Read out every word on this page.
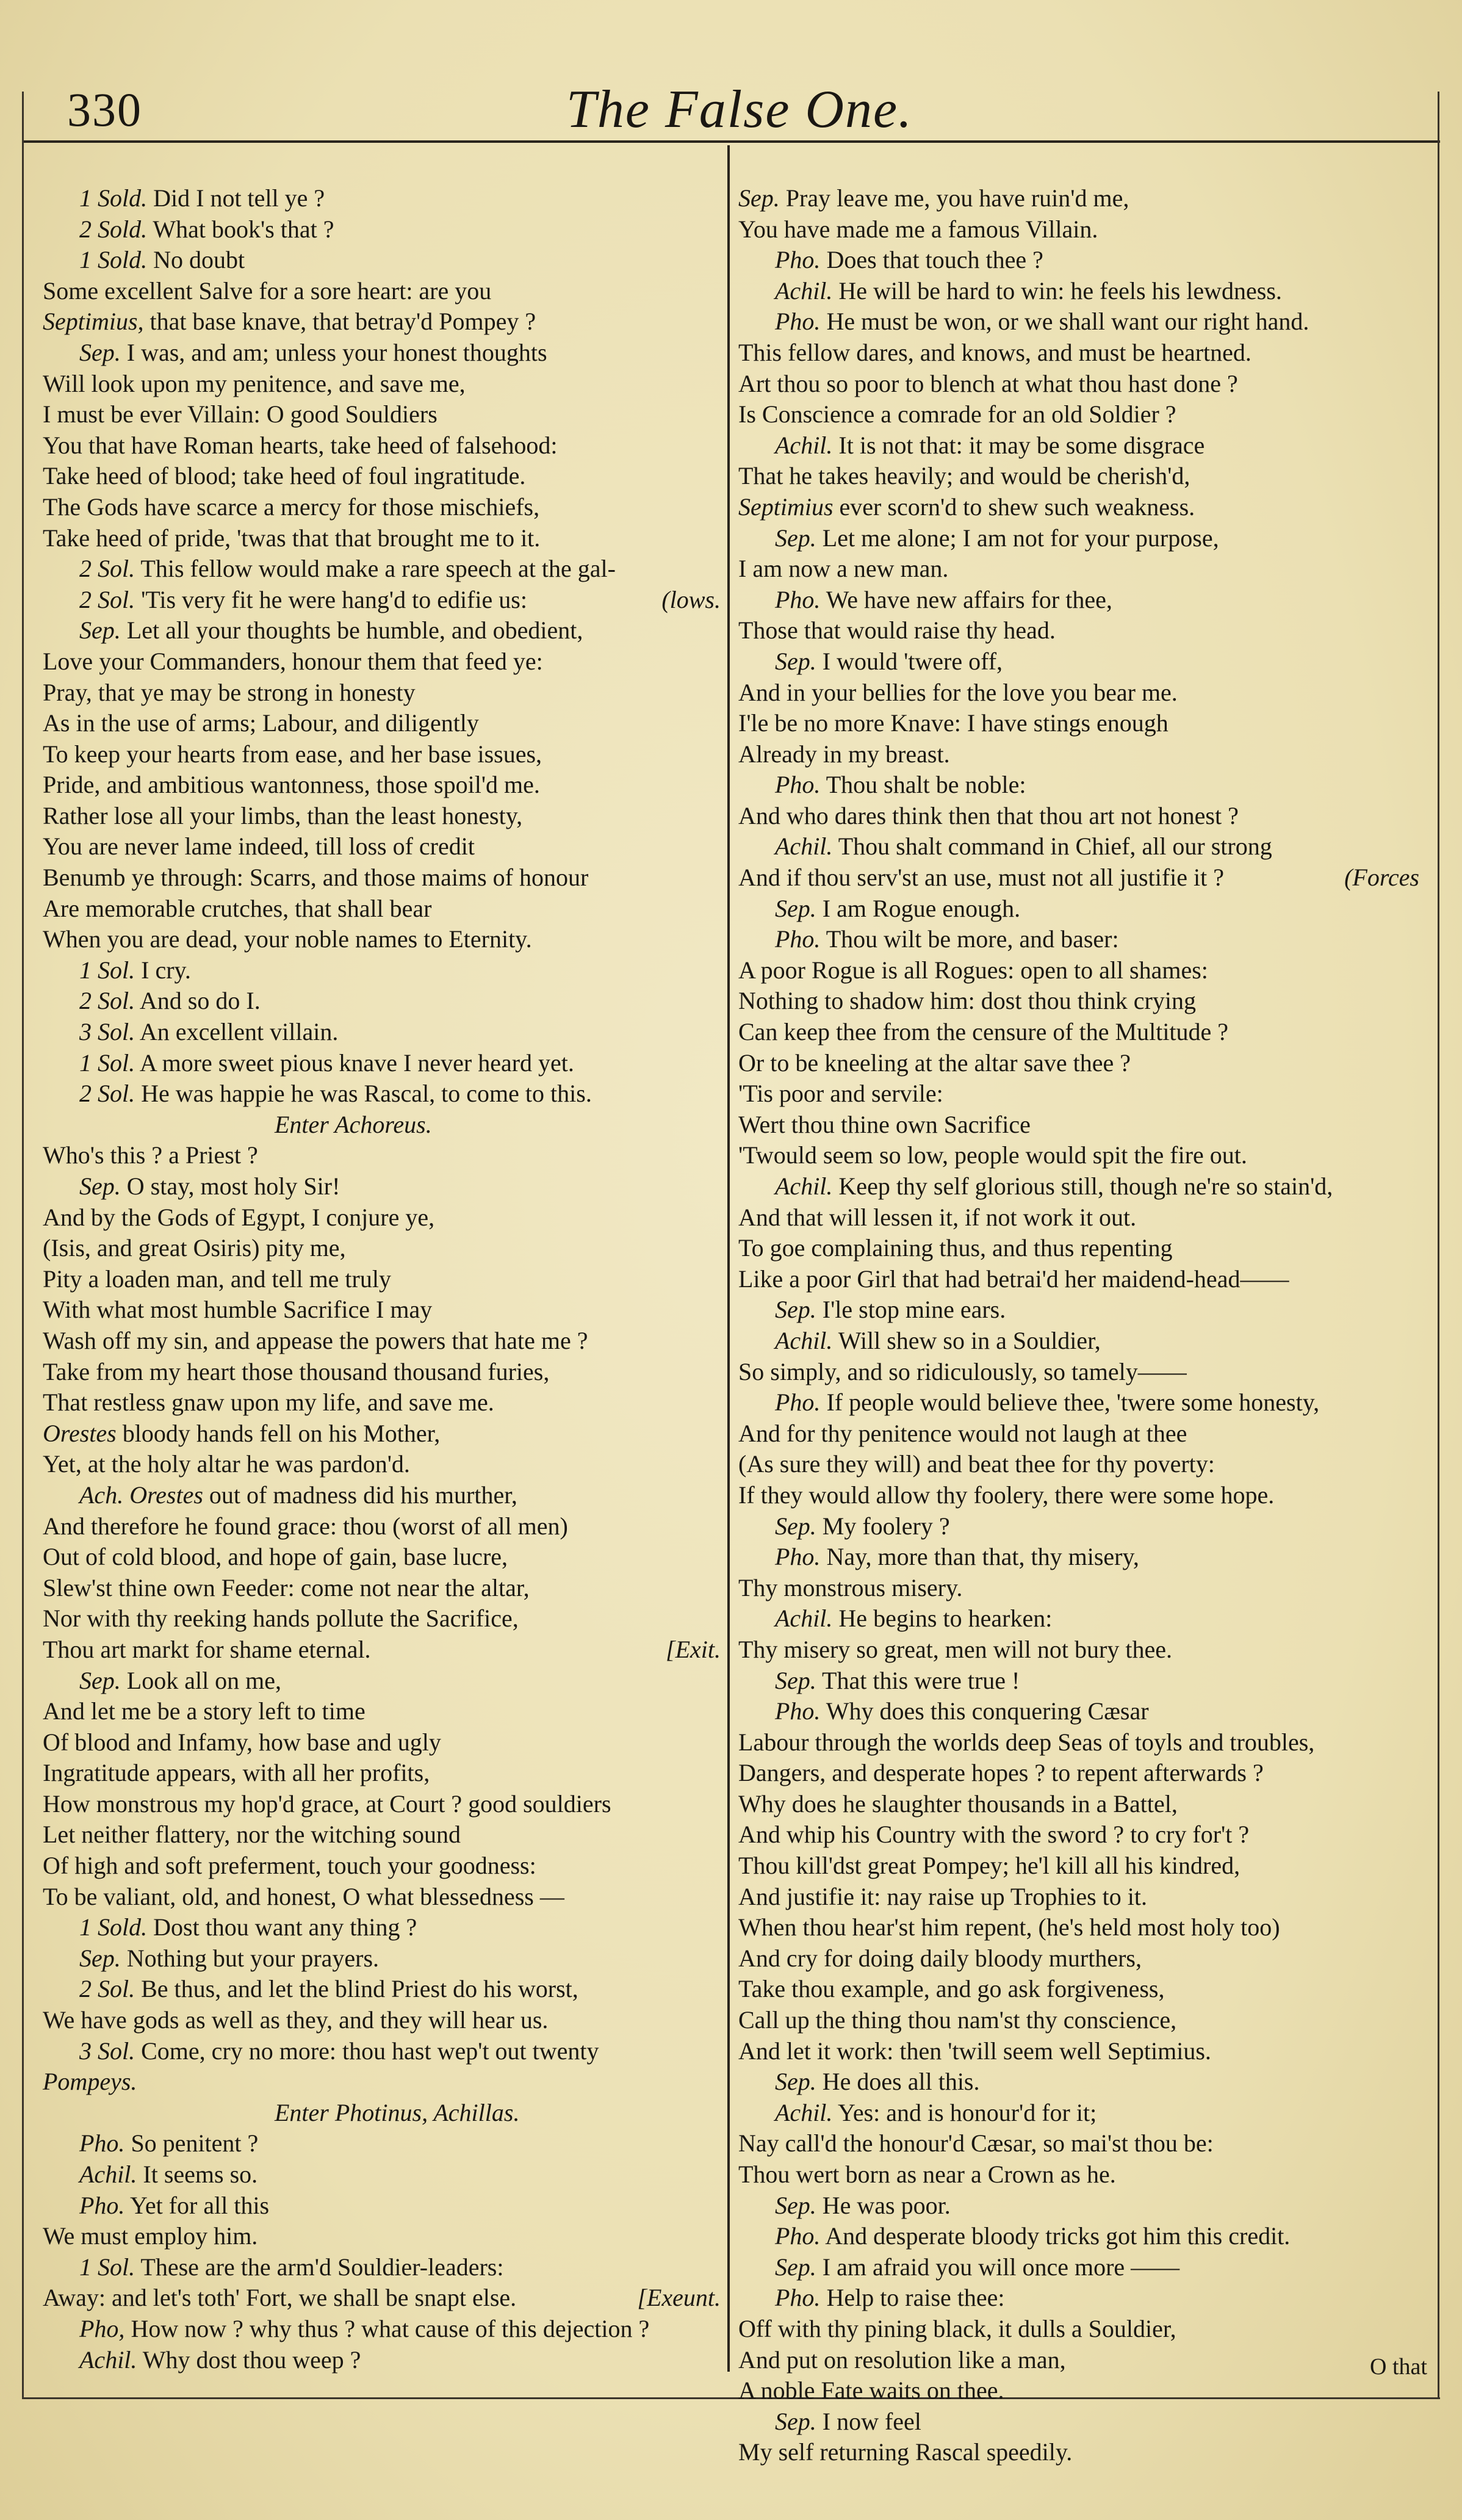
330	The False One.
1 Sold. Did I not tell ye ?
2 Sold. What book's that ?
1 Sold. No doubt
Some excellent Salve for a sore heart: are you
Septimius, that base knave, that betray'd Pompey ?
Sep. I was, and am; unless your honest thoughts
Will look upon my penitence, and save me,
I must be ever Villain: O good Souldiers
You that have Roman hearts, take heed of falsehood:
Take heed of blood; take heed of foul ingratitude.
The Gods have scarce a mercy for those mischiefs,
Take heed of pride, 'twas that that brought me to it.
2 Sol. This fellow would make a rare speech at the gal-
2 Sol. 'Tis very fit he were hang'd to edifie us:	(lows.
Sep. Let all your thoughts be humble, and obedient,
Love your Commanders, honour them that feed ye:
Pray, that ye may be strong in honesty
As in the use of arms; Labour, and diligently
To keep your hearts from ease, and her base issues,
Pride, and ambitious wantonness, those spoil'd me.
Rather lose all your limbs, than the least honesty,
You are never lame indeed, till loss of credit
Benumb ye through: Scarrs, and those maims of honour
Are memorable crutches, that shall bear
When you are dead, your noble names to Eternity.
1 Sol. I cry.
2 Sol. And so do I.
3 Sol. An excellent villain.
1 Sol. A more sweet pious knave I never heard yet.
2 Sol. He was happie he was Rascal, to come to this.
Enter Achoreus.
Who's this ? a Priest ?
Sep. O stay, most holy Sir!
And by the Gods of Egypt, I conjure ye,
(Isis, and great Osiris) pity me,
Pity a loaden man, and tell me truly
With what most humble Sacrifice I may
Wash off my sin, and appease the powers that hate me ?
Take from my heart those thousand thousand furies,
That restless gnaw upon my life, and save me.
Orestes bloody hands fell on his Mother,
Yet, at the holy altar he was pardon'd.
Ach. Orestes out of madness did his murther,
And therefore he found grace: thou (worst of all men)
Out of cold blood, and hope of gain, base lucre,
Slew'st thine own Feeder: come not near the altar,
Nor with thy reeking hands pollute the Sacrifice,
Thou art markt for shame eternal.	[Exit.
Sep. Look all on me,
And let me be a story left to time
Of blood and Infamy, how base and ugly
Ingratitude appears, with all her profits,
How monstrous my hop'd grace, at Court ? good souldiers
Let neither flattery, nor the witching sound
Of high and soft preferment, touch your goodness:
To be valiant, old, and honest, O what blessedness —
1 Sold. Dost thou want any thing ?
Sep. Nothing but your prayers.
2 Sol. Be thus, and let the blind Priest do his worst,
We have gods as well as they, and they will hear us.
3 Sol. Come, cry no more: thou hast wep't out twenty
Pompeys.
Enter Photinus, Achillas.
Pho. So penitent ?
Achil. It seems so.
Pho. Yet for all this
We must employ him.
1 Sol. These are the arm'd Souldier-leaders:
Away: and let's toth' Fort, we shall be snapt else.	[Exeunt.
Pho, How now ? why thus ? what cause of this dejection ?
Achil. Why dost thou weep ?
Sep. Pray leave me, you have ruin'd me,
You have made me a famous Villain.
Pho. Does that touch thee ?
Achil. He will be hard to win: he feels his lewdness.
Pho. He must be won, or we shall want our right hand.
This fellow dares, and knows, and must be heartned.
Art thou so poor to blench at what thou hast done ?
Is Conscience a comrade for an old Soldier ?
Achil. It is not that: it may be some disgrace
That he takes heavily; and would be cherish'd,
Septimius ever scorn'd to shew such weakness.
Sep. Let me alone; I am not for your purpose,
I am now a new man.
Pho. We have new affairs for thee,
Those that would raise thy head.
Sep. I would 'twere off,
And in your bellies for the love you bear me.
I'le be no more Knave: I have stings enough
Already in my breast.
Pho. Thou shalt be noble:
And who dares think then that thou art not honest ?
Achil. Thou shalt command in Chief, all our strong
And if thou serv'st an use, must not all justifie it ?	(Forces
Sep. I am Rogue enough.
Pho. Thou wilt be more, and baser:
A poor Rogue is all Rogues: open to all shames:
Nothing to shadow him: dost thou think crying
Can keep thee from the censure of the Multitude ?
Or to be kneeling at the altar save thee ?
'Tis poor and servile:
Wert thou thine own Sacrifice
'Twould seem so low, people would spit the fire out.
Achil. Keep thy self glorious still, though ne're so stain'd,
And that will lessen it, if not work it out.
To goe complaining thus, and thus repenting
Like a poor Girl that had betrai'd her maidend-head——
Sep. I'le stop mine ears.
Achil. Will shew so in a Souldier,
So simply, and so ridiculously, so tamely——
Pho. If people would believe thee, 'twere some honesty,
And for thy penitence would not laugh at thee
(As sure they will) and beat thee for thy poverty:
If they would allow thy foolery, there were some hope.
Sep. My foolery ?
Pho. Nay, more than that, thy misery,
Thy monstrous misery.
Achil. He begins to hearken:
Thy misery so great, men will not bury thee.
Sep. That this were true !
Pho. Why does this conquering Cæsar
Labour through the worlds deep Seas of toyls and troubles,
Dangers, and desperate hopes ? to repent afterwards ?
Why does he slaughter thousands in a Battel,
And whip his Country with the sword ? to cry for't ?
Thou kill'dst great Pompey; he'l kill all his kindred,
And justifie it: nay raise up Trophies to it.
When thou hear'st him repent, (he's held most holy too)
And cry for doing daily bloody murthers,
Take thou example, and go ask forgiveness,
Call up the thing thou nam'st thy conscience,
And let it work: then 'twill seem well Septimius.
Sep. He does all this.
Achil. Yes: and is honour'd for it;
Nay call'd the honour'd Cæsar, so mai'st thou be:
Thou wert born as near a Crown as he.
Sep. He was poor.
Pho. And desperate bloody tricks got him this credit.
Sep. I am afraid you will once more ——
Pho. Help to raise thee:
Off with thy pining black, it dulls a Souldier,
And put on resolution like a man,
A noble Fate waits on thee.
Sep. I now feel
My self returning Rascal speedily.
O that
